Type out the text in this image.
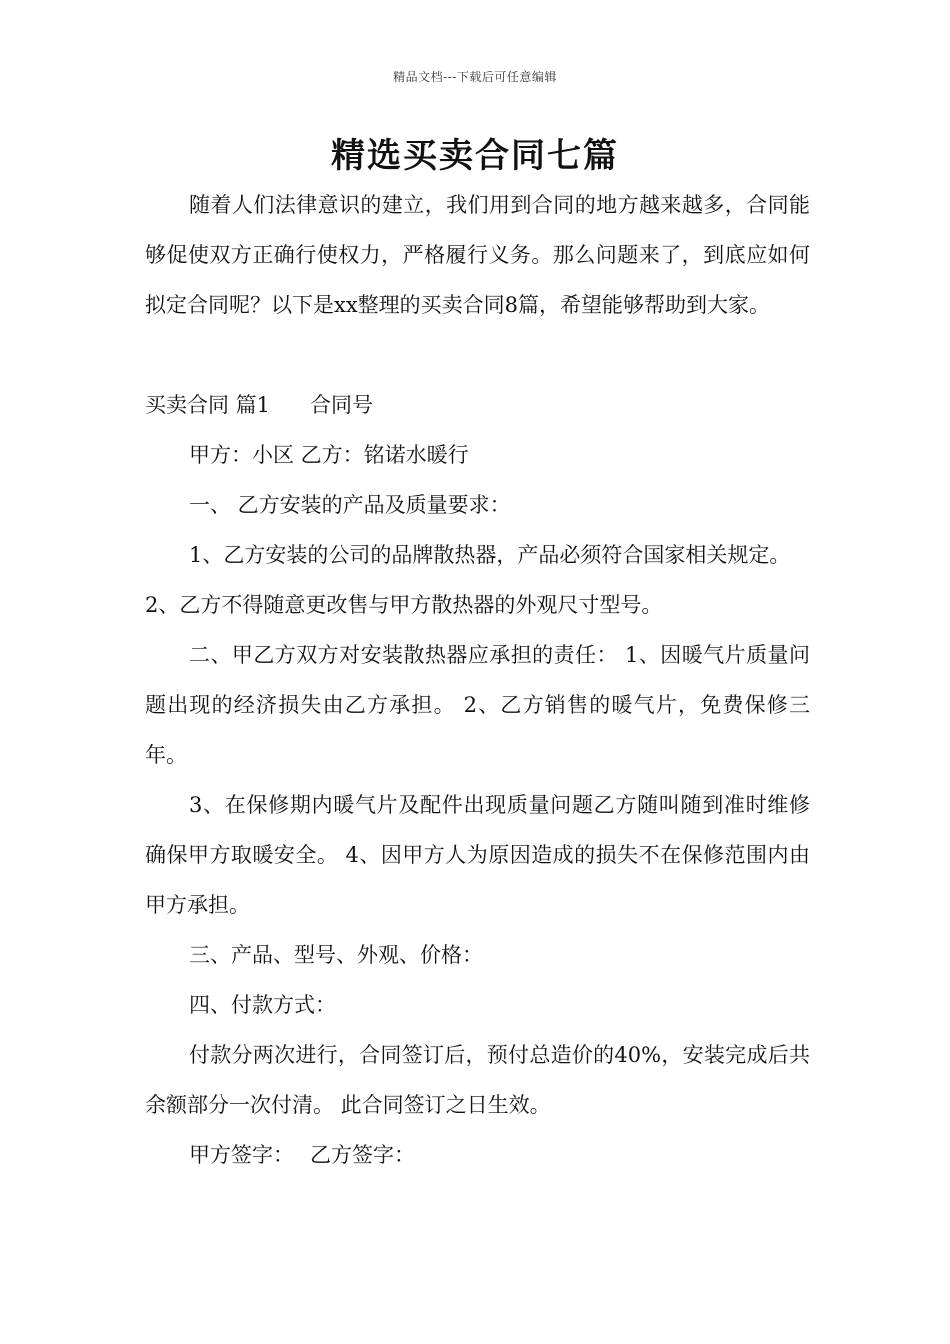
精品文档---下载后可任意编辑
精选买卖合同七篇

随着人们法律意识的建立，我们用到合同的地方越来越多，合同能够促使双方正确行使权力，严格履行义务。那么问题来了，到底应如何拟定合同呢？以下是xx整理的买卖合同8篇，希望能够帮助到大家。

买卖合同 篇1 合同号

甲方：小区 乙方：铭诺水暖行

一、 乙方安装的产品及质量要求：

1、乙方安装的公司的品牌散热器，产品必须符合国家相关规定。

2、乙方不得随意更改售与甲方散热器的外观尺寸型号。

二、甲乙方双方对安装散热器应承担的责任： 1、因暖气片质量问题出现的经济损失由乙方承担。 2、乙方销售的暖气片，免费保修三年。

3、在保修期内暖气片及配件出现质量问题乙方随叫随到准时维修确保甲方取暖安全。 4、因甲方人为原因造成的损失不在保修范围内由甲方承担。

三、产品、型号、外观、价格：

四、付款方式：

付款分两次进行，合同签订后，预付总造价的40%，安装完成后共余额部分一次付清。 此合同签订之日生效。

甲方签字： 乙方签字：
